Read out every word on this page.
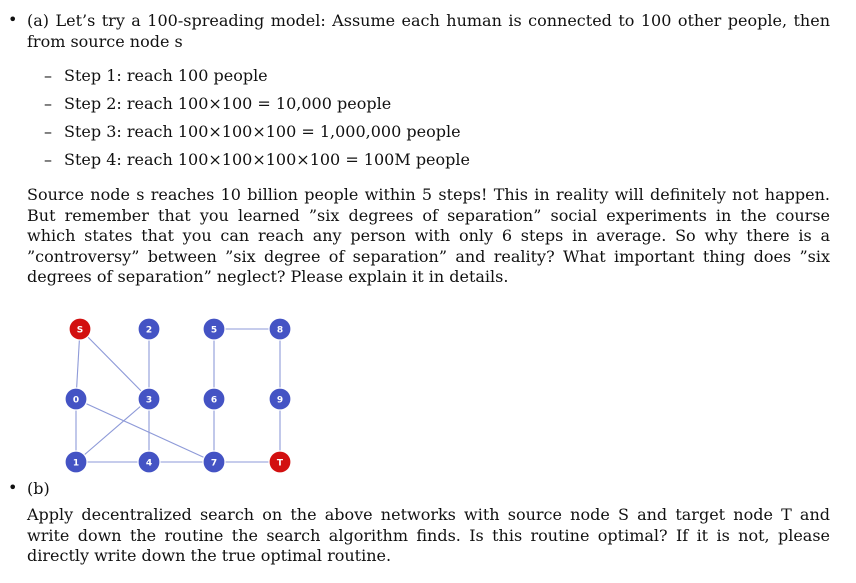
• (a) Let’s try a 100-spreading model: Assume each human is connected to 100 other people, then from source node s
– Step 1: reach 100 people
– Step 2: reach 100×100 = 10,000 people
– Step 3: reach 100×100×100 = 1,000,000 people
– Step 4: reach 100×100×100×100 = 100M people
Source node s reaches 10 billion people within 5 steps! This in reality will definitely not happen. But remember that you learned ”six degrees of separation” social experiments in the course which states that you can reach any person with only 6 steps in average. So why there is a ”controversy” between ”six degree of separation” and reality? What important thing does ”six degrees of separation” neglect? Please explain it in details.
S	2	5	8
0	3	6	9
1	4	7	T
• (b)
Apply decentralized search on the above networks with source node S and target node T and write down the routine the search algorithm finds. Is this routine optimal? If it is not, please directly write down the true optimal routine.
